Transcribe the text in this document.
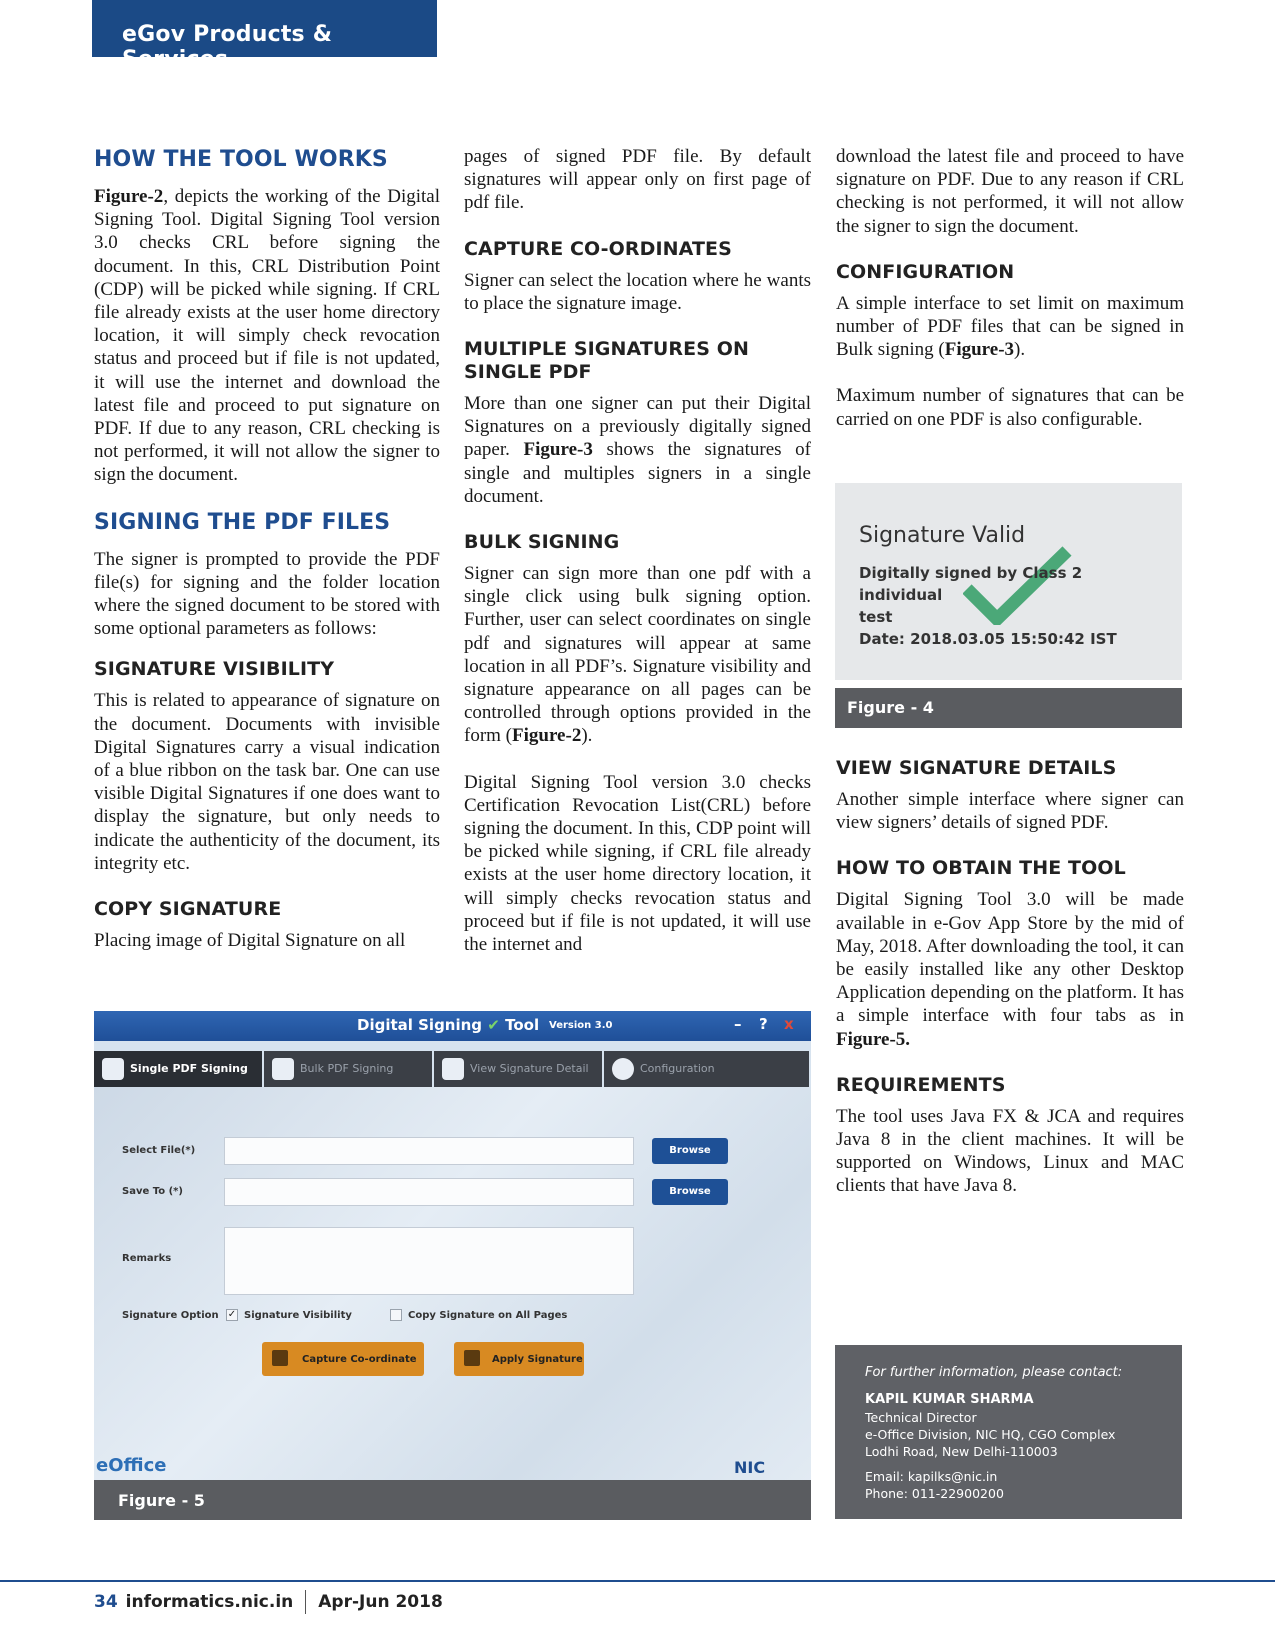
eGov Products & Services
HOW THE TOOL WORKS

Figure-2, depicts the working of the Digital Signing Tool. Digital Signing Tool version 3.0 checks CRL before signing the document. In this, CRL Distribution Point (CDP) will be picked while signing. If CRL file already exists at the user home directory location, it will simply check revocation status and proceed but if file is not updated, it will use the internet and download the latest file and proceed to put signature on PDF. If due to any reason, CRL checking is not performed, it will not allow the signer to sign the document.

SIGNING THE PDF FILES

The signer is prompted to provide the PDF file(s) for signing and the folder location where the signed document to be stored with some optional parameters as follows:

SIGNATURE VISIBILITY

This is related to appearance of signature on the document. Documents with invisible Digital Signatures carry a visual indication of a blue ribbon on the task bar. One can use visible Digital Signatures if one does want to display the signature, but only needs to indicate the authenticity of the document, its integrity etc.

COPY SIGNATURE

Placing image of Digital Signature on all

pages of signed PDF file. By default signatures will appear only on first page of pdf file.

CAPTURE CO-ORDINATES

Signer can select the location where he wants to place the signature image.

MULTIPLE SIGNATURES ON SINGLE PDF

More than one signer can put their Digital Signatures on a previously digitally signed paper. Figure-3 shows the signatures of single and multiples signers in a single document.

BULK SIGNING

Signer can sign more than one pdf with a single click using bulk signing option. Further, user can select coordinates on single pdf and signatures will appear at same location in all PDF’s. Signature visibility and signature appearance on all pages can be controlled through options provided in the form (Figure-2).

Digital Signing Tool version 3.0 checks Certification Revocation List(CRL) before signing the document. In this, CDP point will be picked while signing, if CRL file already exists at the user home directory location, it will simply checks revocation status and proceed but if file is not updated, it will use the internet and

download the latest file and proceed to have signature on PDF. Due to any reason if CRL checking is not performed, it will not allow the signer to sign the document.

CONFIGURATION

A simple interface to set limit on maximum number of PDF files that can be signed in Bulk signing (Figure-3).

Maximum number of signatures that can be carried on one PDF is also configurable.

VIEW SIGNATURE DETAILS

Another simple interface where signer can view signers’ details of signed PDF.

HOW TO OBTAIN THE TOOL

Digital Signing Tool 3.0 will be made available in e-Gov App Store by the mid of May, 2018. After downloading the tool, it can be easily installed like any other Desktop Application depending on the platform. It has a simple interface with four tabs as in Figure-5.

REQUIREMENTS

The tool uses Java FX & JCA and requires Java 8 in the client machines. It will be supported on Windows, Linux and MAC clients that have Java 8.

Signature Valid
Digitally signed by Class 2 individual
test
Date: 2018.03.05 15:50:42 IST
Figure - 4
Digital Signing ✔ Tool Version 3.0	– ? x
Single PDF Signing	Bulk PDF Signing	View Signature Detail	Configuration
Select File(*)	Browse
Save To (*)	Browse
Remarks
Signature Option ✓ Signature Visibility	Copy Signature on All Pages
Capture Co-ordinate	Apply Signature
eOffice	NIC
Figure - 5
For further information, please contact:
KAPIL KUMAR SHARMA
Technical Director
e-Office Division, NIC HQ, CGO Complex
Lodhi Road, New Delhi-110003
Email: kapilks@nic.in
Phone: 011-22900200
34 informatics.nic.in Apr-Jun 2018
